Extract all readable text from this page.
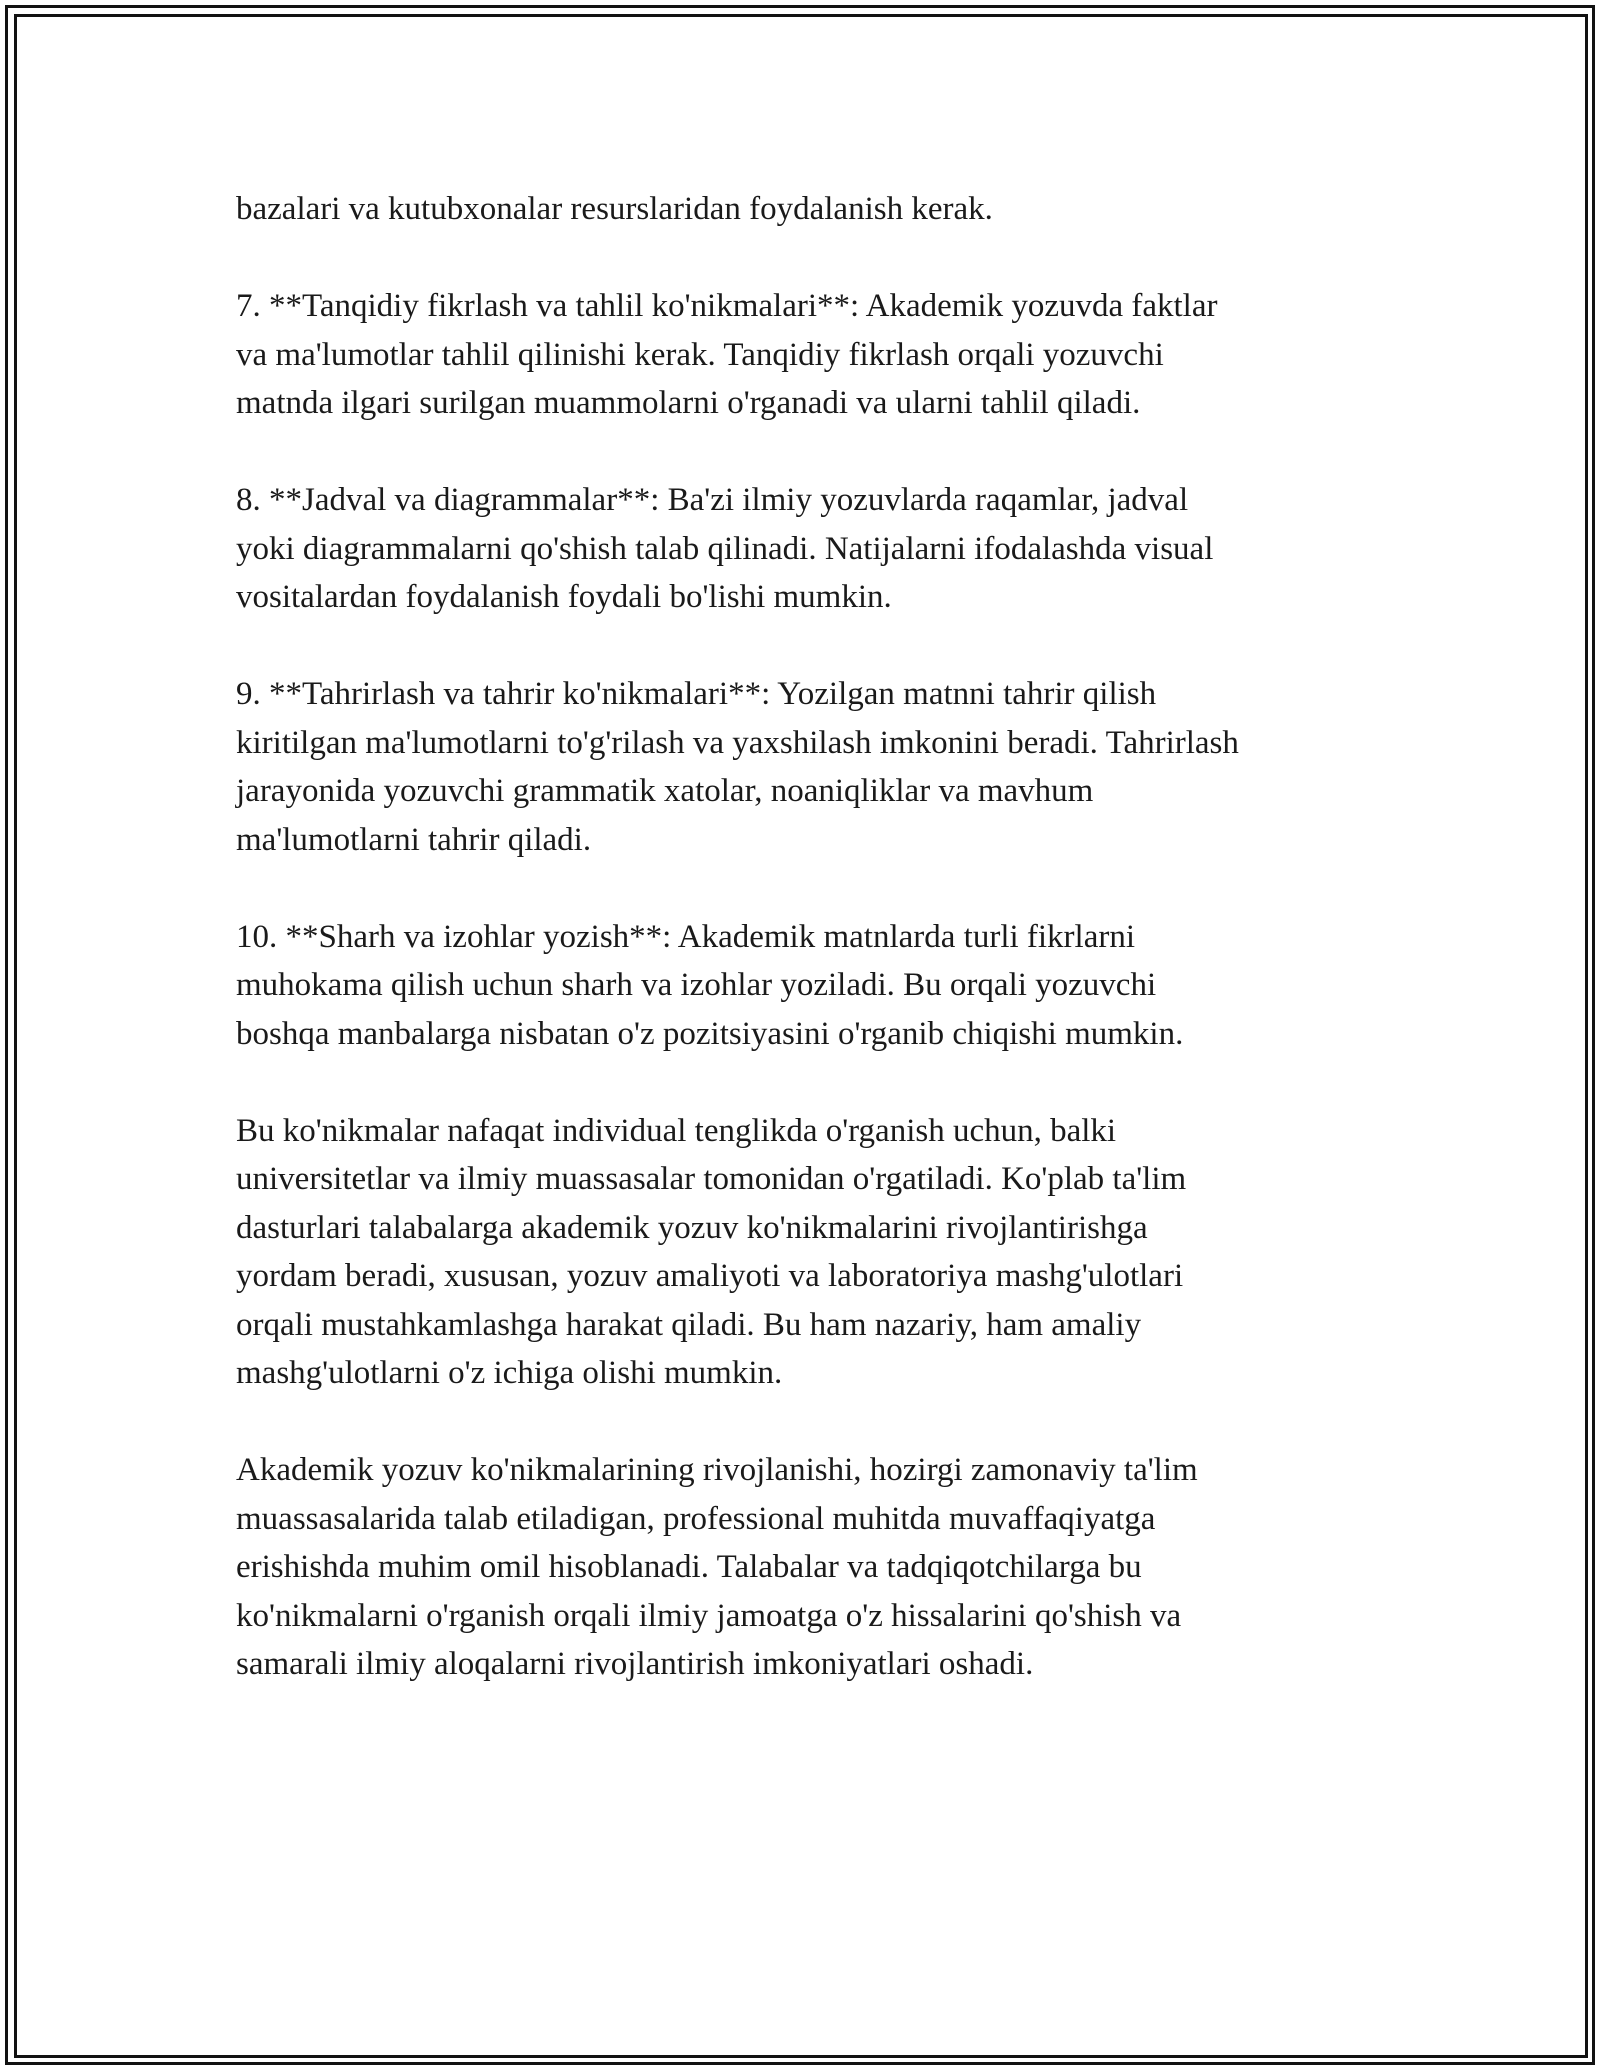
bazalari va kutubxonalar resurslaridan foydalanish kerak.

7. **Tanqidiy fikrlash va tahlil ko'nikmalari**: Akademik yozuvda faktlar
va ma'lumotlar tahlil qilinishi kerak. Tanqidiy fikrlash orqali yozuvchi
matnda ilgari surilgan muammolarni o'rganadi va ularni tahlil qiladi.

8. **Jadval va diagrammalar**: Ba'zi ilmiy yozuvlarda raqamlar, jadval
yoki diagrammalarni qo'shish talab qilinadi. Natijalarni ifodalashda visual
vositalardan foydalanish foydali bo'lishi mumkin.

9. **Tahrirlash va tahrir ko'nikmalari**: Yozilgan matnni tahrir qilish
kiritilgan ma'lumotlarni to'g'rilash va yaxshilash imkonini beradi. Tahrirlash
jarayonida yozuvchi grammatik xatolar, noaniqliklar va mavhum
ma'lumotlarni tahrir qiladi.

10. **Sharh va izohlar yozish**: Akademik matnlarda turli fikrlarni
muhokama qilish uchun sharh va izohlar yoziladi. Bu orqali yozuvchi
boshqa manbalarga nisbatan o'z pozitsiyasini o'rganib chiqishi mumkin.

Bu ko'nikmalar nafaqat individual tenglikda o'rganish uchun, balki
universitetlar va ilmiy muassasalar tomonidan o'rgatiladi. Ko'plab ta'lim
dasturlari talabalarga akademik yozuv ko'nikmalarini rivojlantirishga
yordam beradi, xususan, yozuv amaliyoti va laboratoriya mashg'ulotlari
orqali mustahkamlashga harakat qiladi. Bu ham nazariy, ham amaliy
mashg'ulotlarni o'z ichiga olishi mumkin.

Akademik yozuv ko'nikmalarining rivojlanishi, hozirgi zamonaviy ta'lim
muassasalarida talab etiladigan, professional muhitda muvaffaqiyatga
erishishda muhim omil hisoblanadi. Talabalar va tadqiqotchilarga bu
ko'nikmalarni o'rganish orqali ilmiy jamoatga o'z hissalarini qo'shish va
samarali ilmiy aloqalarni rivojlantirish imkoniyatlari oshadi.
